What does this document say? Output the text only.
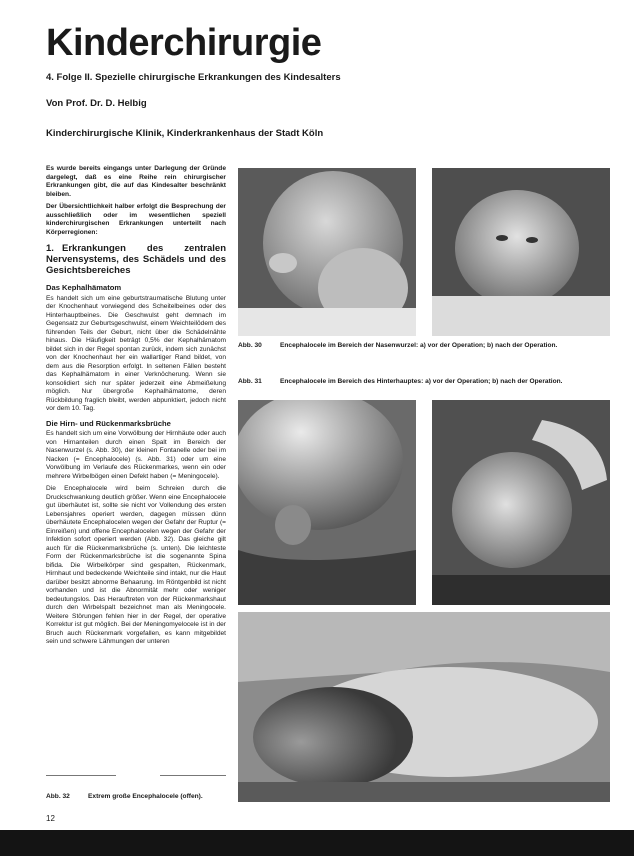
Kinderchirurgie
4. Folge II. Spezielle chirurgische Erkrankungen des Kindesalters
Von Prof. Dr. D. Helbig
Kinderchirurgische Klinik, Kinderkrankenhaus der Stadt Köln

Es wurde bereits eingangs unter Darlegung der Gründe dargelegt, daß es eine Reihe rein chirurgischer Erkrankungen gibt, die auf das Kindesalter beschränkt bleiben.

Der Übersichtlichkeit halber erfolgt die Besprechung der ausschließlich oder im wesentlichen speziell kinderchirurgischen Erkrankungen unterteilt nach Körperregionen:

1. Erkrankungen des zentralen Nervensystems, des Schädels und des Gesichtsbereiches
Das Kephalhämatom

Es handelt sich um eine geburtstraumatische Blutung unter der Knochenhaut vorwiegend des Scheitelbeines oder des Hinterhauptbeines. Die Geschwulst geht demnach im Gegensatz zur Geburtsgeschwulst, einem Weichteilödem des führenden Teils der Geburt, nicht über die Schädelnähte hinaus. Die Häufigkeit beträgt 0,5% der Kephalhämatom bildet sich in der Regel spontan zurück, indem sich zunächst von der Knochenhaut her ein wallartiger Rand bildet, von dem aus die Resorption erfolgt. In seltenen Fällen besteht das Kephalhämatom in einer Verknöcherung. Wenn sie konsolidiert sich nur später jederzeit eine Abmeißelung möglich. Nur übergroße Kephalhämatome, deren Rückbildung fraglich bleibt, werden abpunktiert, jedoch nicht vor dem 10. Tag.

Die Hirn- und Rückenmarksbrüche

Es handelt sich um eine Vorwölbung der Hirnhäute oder auch von Hirnanteilen durch einen Spalt im Bereich der Nasenwurzel (s. Abb. 30), der kleinen Fontanelle oder bei im Nacken (= Encephalocele) (s. Abb. 31) oder um eine Vorwölbung im Verlaufe des Rückenmarkes, wenn ein oder mehrere Wirbelbögen einen Defekt haben (= Meningocele).

Die Encephalocele wird beim Schreien durch die Druckschwankung deutlich größer. Wenn eine Encephalocele gut überhäutet ist, sollte sie nicht vor Vollendung des ersten Lebensjahres operiert werden, dagegen müssen dünn überhäutete Encephalocelen wegen der Gefahr der Ruptur (= Einreißen) und offene Encephalocelen wegen der Gefahr der Infektion sofort operiert werden (Abb. 32). Das gleiche gilt auch für die Rückenmarksbrüche (s. unten). Die leichteste Form der Rückenmarksbrüche ist die sogenannte Spina bifida. Die Wirbelkörper sind gespalten, Rückenmark, Hirnhaut und bedeckende Weichteile sind intakt, nur die Haut darüber besitzt abnorme Behaarung. Im Röntgenbild ist nicht vorhanden und ist die Abnormität mehr oder weniger bedeutungslos. Das Herauftreten von der Rückenmarkshaut durch den Wirbelspalt bezeichnet man als Meningocele. Weitere Störungen fehlen hier in der Regel, der operative Korrektur ist gut möglich. Bei der Meningomyelocele ist in der Bruch auch Rückenmark vorgefallen, es kann mitgebildet sein und schwere Lähmungen der unteren

Abb. 30	Encephalocele im Bereich der Nasenwurzel: a) vor der Operation; b) nach der Operation.
Abb. 31	Encephalocele im Bereich des Hinterhauptes: a) vor der Operation; b) nach der Operation.
Abb. 32	Extrem große Encephalocele (offen).
12
